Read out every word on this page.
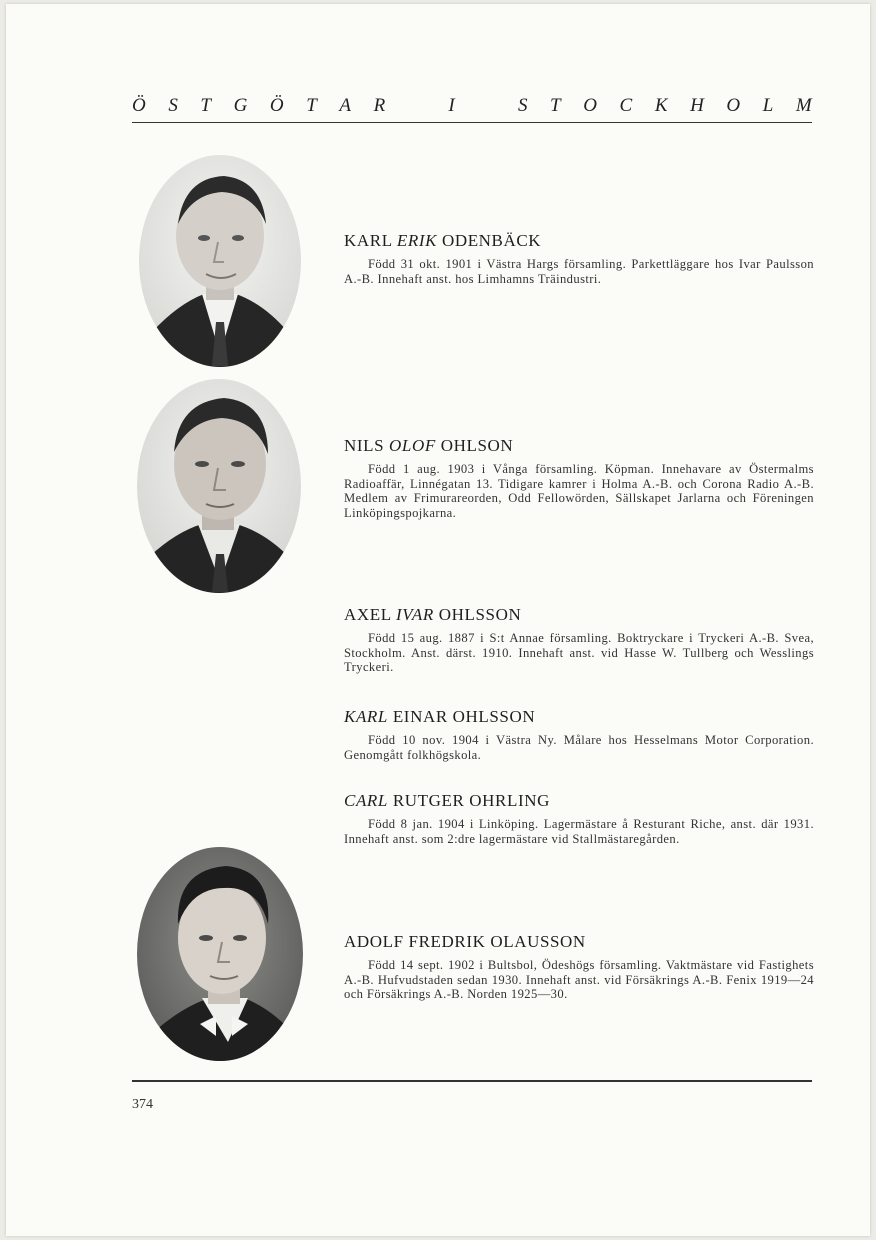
Ö S T G Ö T A R	I	S T O C K H O L M
KARL ERIK ODENBÄCK
Född 31 okt. 1901 i Västra Hargs församling. Parkettläggare hos Ivar Paulsson A.-B. Innehaft anst. hos Limhamns Träindustri.
NILS OLOF OHLSON
Född 1 aug. 1903 i Vånga församling. Köpman. Innehavare av Östermalms Radioaffär, Linnégatan 13. Tidigare kamrer i Holma A.-B. och Corona Radio A.-B. Medlem av Frimurareorden, Odd Fellowörden, Sällskapet Jarlarna och Föreningen Linköpingspojkarna.
AXEL IVAR OHLSSON
Född 15 aug. 1887 i S:t Annae församling. Boktryckare i Tryckeri A.-B. Svea, Stockholm. Anst. därst. 1910. Innehaft anst. vid Hasse W. Tullberg och Wesslings Tryckeri.
KARL EINAR OHLSSON
Född 10 nov. 1904 i Västra Ny. Målare hos Hesselmans Motor Corporation. Genomgått folkhögskola.
CARL RUTGER OHRLING
Född 8 jan. 1904 i Linköping. Lagermästare å Resturant Riche, anst. där 1931. Innehaft anst. som 2:dre lagermästare vid Stallmästaregården.
ADOLF FREDRIK OLAUSSON
Född 14 sept. 1902 i Bultsbol, Ödeshögs församling. Vaktmästare vid Fastighets A.-B. Hufvudstaden sedan 1930. Innehaft anst. vid Försäkrings A.-B. Fenix 1919—24 och Försäkrings A.-B. Norden 1925—30.
374
